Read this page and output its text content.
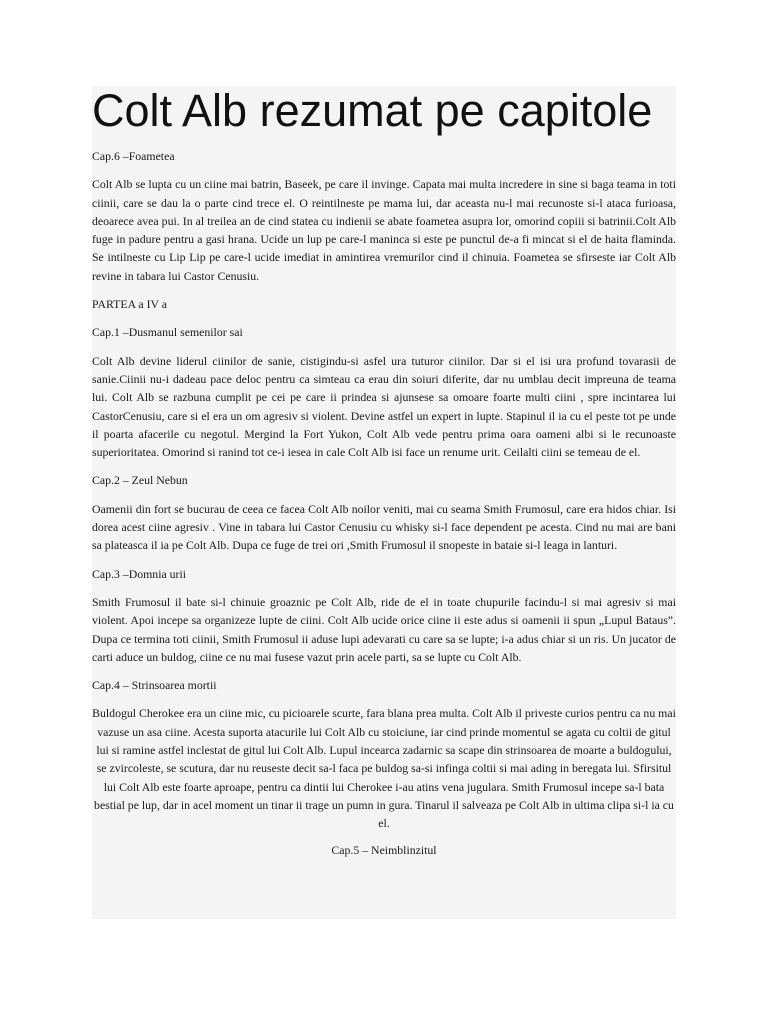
Colt Alb rezumat pe capitole

Cap.6 –Foametea

Colt Alb se lupta cu un ciine mai batrin, Baseek, pe care il invinge. Capata mai multa incredere in sine si baga teama in toti ciinii, care se dau la o parte cind trece el. O reintilneste pe mama lui, dar aceasta nu-l mai recunoste si-l ataca furioasa, deoarece avea pui. In al treilea an de cind statea cu indienii se abate foametea asupra lor, omorind copiii si batrinii.Colt Alb fuge in padure pentru a gasi hrana. Ucide un lup pe care-l maninca si este pe punctul de-a fi mincat si el de haita flaminda. Se intilneste cu Lip Lip pe care-l ucide imediat in amintirea vremurilor cind il chinuia. Foametea se sfirseste iar Colt Alb revine in tabara lui Castor Cenusiu.

PARTEA a IV a

Cap.1 –Dusmanul semenilor sai

Colt Alb devine liderul ciinilor de sanie, cistigindu-si asfel ura tuturor ciinilor. Dar si el isi ura profund tovarasii de sanie.Ciinii nu-i dadeau pace deloc pentru ca simteau ca erau din soiuri diferite, dar nu umblau decit impreuna de teama lui. Colt Alb se razbuna cumplit pe cei pe care ii prindea si ajunsese sa omoare foarte multi ciini , spre incintarea lui CastorCenusiu, care si el era un om agresiv si violent. Devine astfel un expert in lupte. Stapinul il ia cu el peste tot pe unde il poarta afacerile cu negotul. Mergind la Fort Yukon, Colt Alb vede pentru prima oara oameni albi si le recunoaste superioritatea. Omorind si ranind tot ce-i iesea in cale Colt Alb isi face un renume urit. Ceilalti ciini se temeau de el.

Cap.2 – Zeul Nebun

Oamenii din fort se bucurau de ceea ce facea Colt Alb noilor veniti, mai cu seama Smith Frumosul, care era hidos chiar. Isi dorea acest ciine agresiv . Vine in tabara lui Castor Cenusiu cu whisky si-l face dependent pe acesta. Cind nu mai are bani sa plateasca il ia pe Colt Alb. Dupa ce fuge de trei ori ,Smith Frumosul il snopeste in bataie si-l leaga in lanturi.

Cap.3 –Domnia urii

Smith Frumosul il bate si-l chinuie groaznic pe Colt Alb, ride de el in toate chupurile facindu-l si mai agresiv si mai violent. Apoi incepe sa organizeze lupte de ciini. Colt Alb ucide orice ciine ii este adus si oamenii ii spun „Lupul Bataus”. Dupa ce termina toti ciinii, Smith Frumosul ii aduse lupi adevarati cu care sa se lupte; i-a adus chiar si un ris. Un jucator de carti aduce un buldog, ciine ce nu mai fusese vazut prin acele parti, sa se lupte cu Colt Alb.

Cap.4 – Strinsoarea mortii

Buldogul Cherokee era un ciine mic, cu picioarele scurte, fara blana prea multa. Colt Alb il priveste curios pentru ca nu mai vazuse un asa ciine. Acesta suporta atacurile lui Colt Alb cu stoiciune, iar cind prinde momentul se agata cu coltii de gitul lui si ramine astfel inclestat de gitul lui Colt Alb. Lupul incearca zadarnic sa scape din strinsoarea de moarte a buldogului, se zvircoleste, se scutura, dar nu reuseste decit sa-l faca pe buldog sa-si infinga coltii si mai ading in beregata lui. Sfirsitul lui Colt Alb este foarte aproape, pentru ca dintii lui Cherokee i-au atins vena jugulara. Smith Frumosul incepe sa-l bata bestial pe lup, dar in acel moment un tinar ii trage un pumn in gura. Tinarul il salveaza pe Colt Alb in ultima clipa si-l ia cu el.

Cap.5 – Neimblinzitul
